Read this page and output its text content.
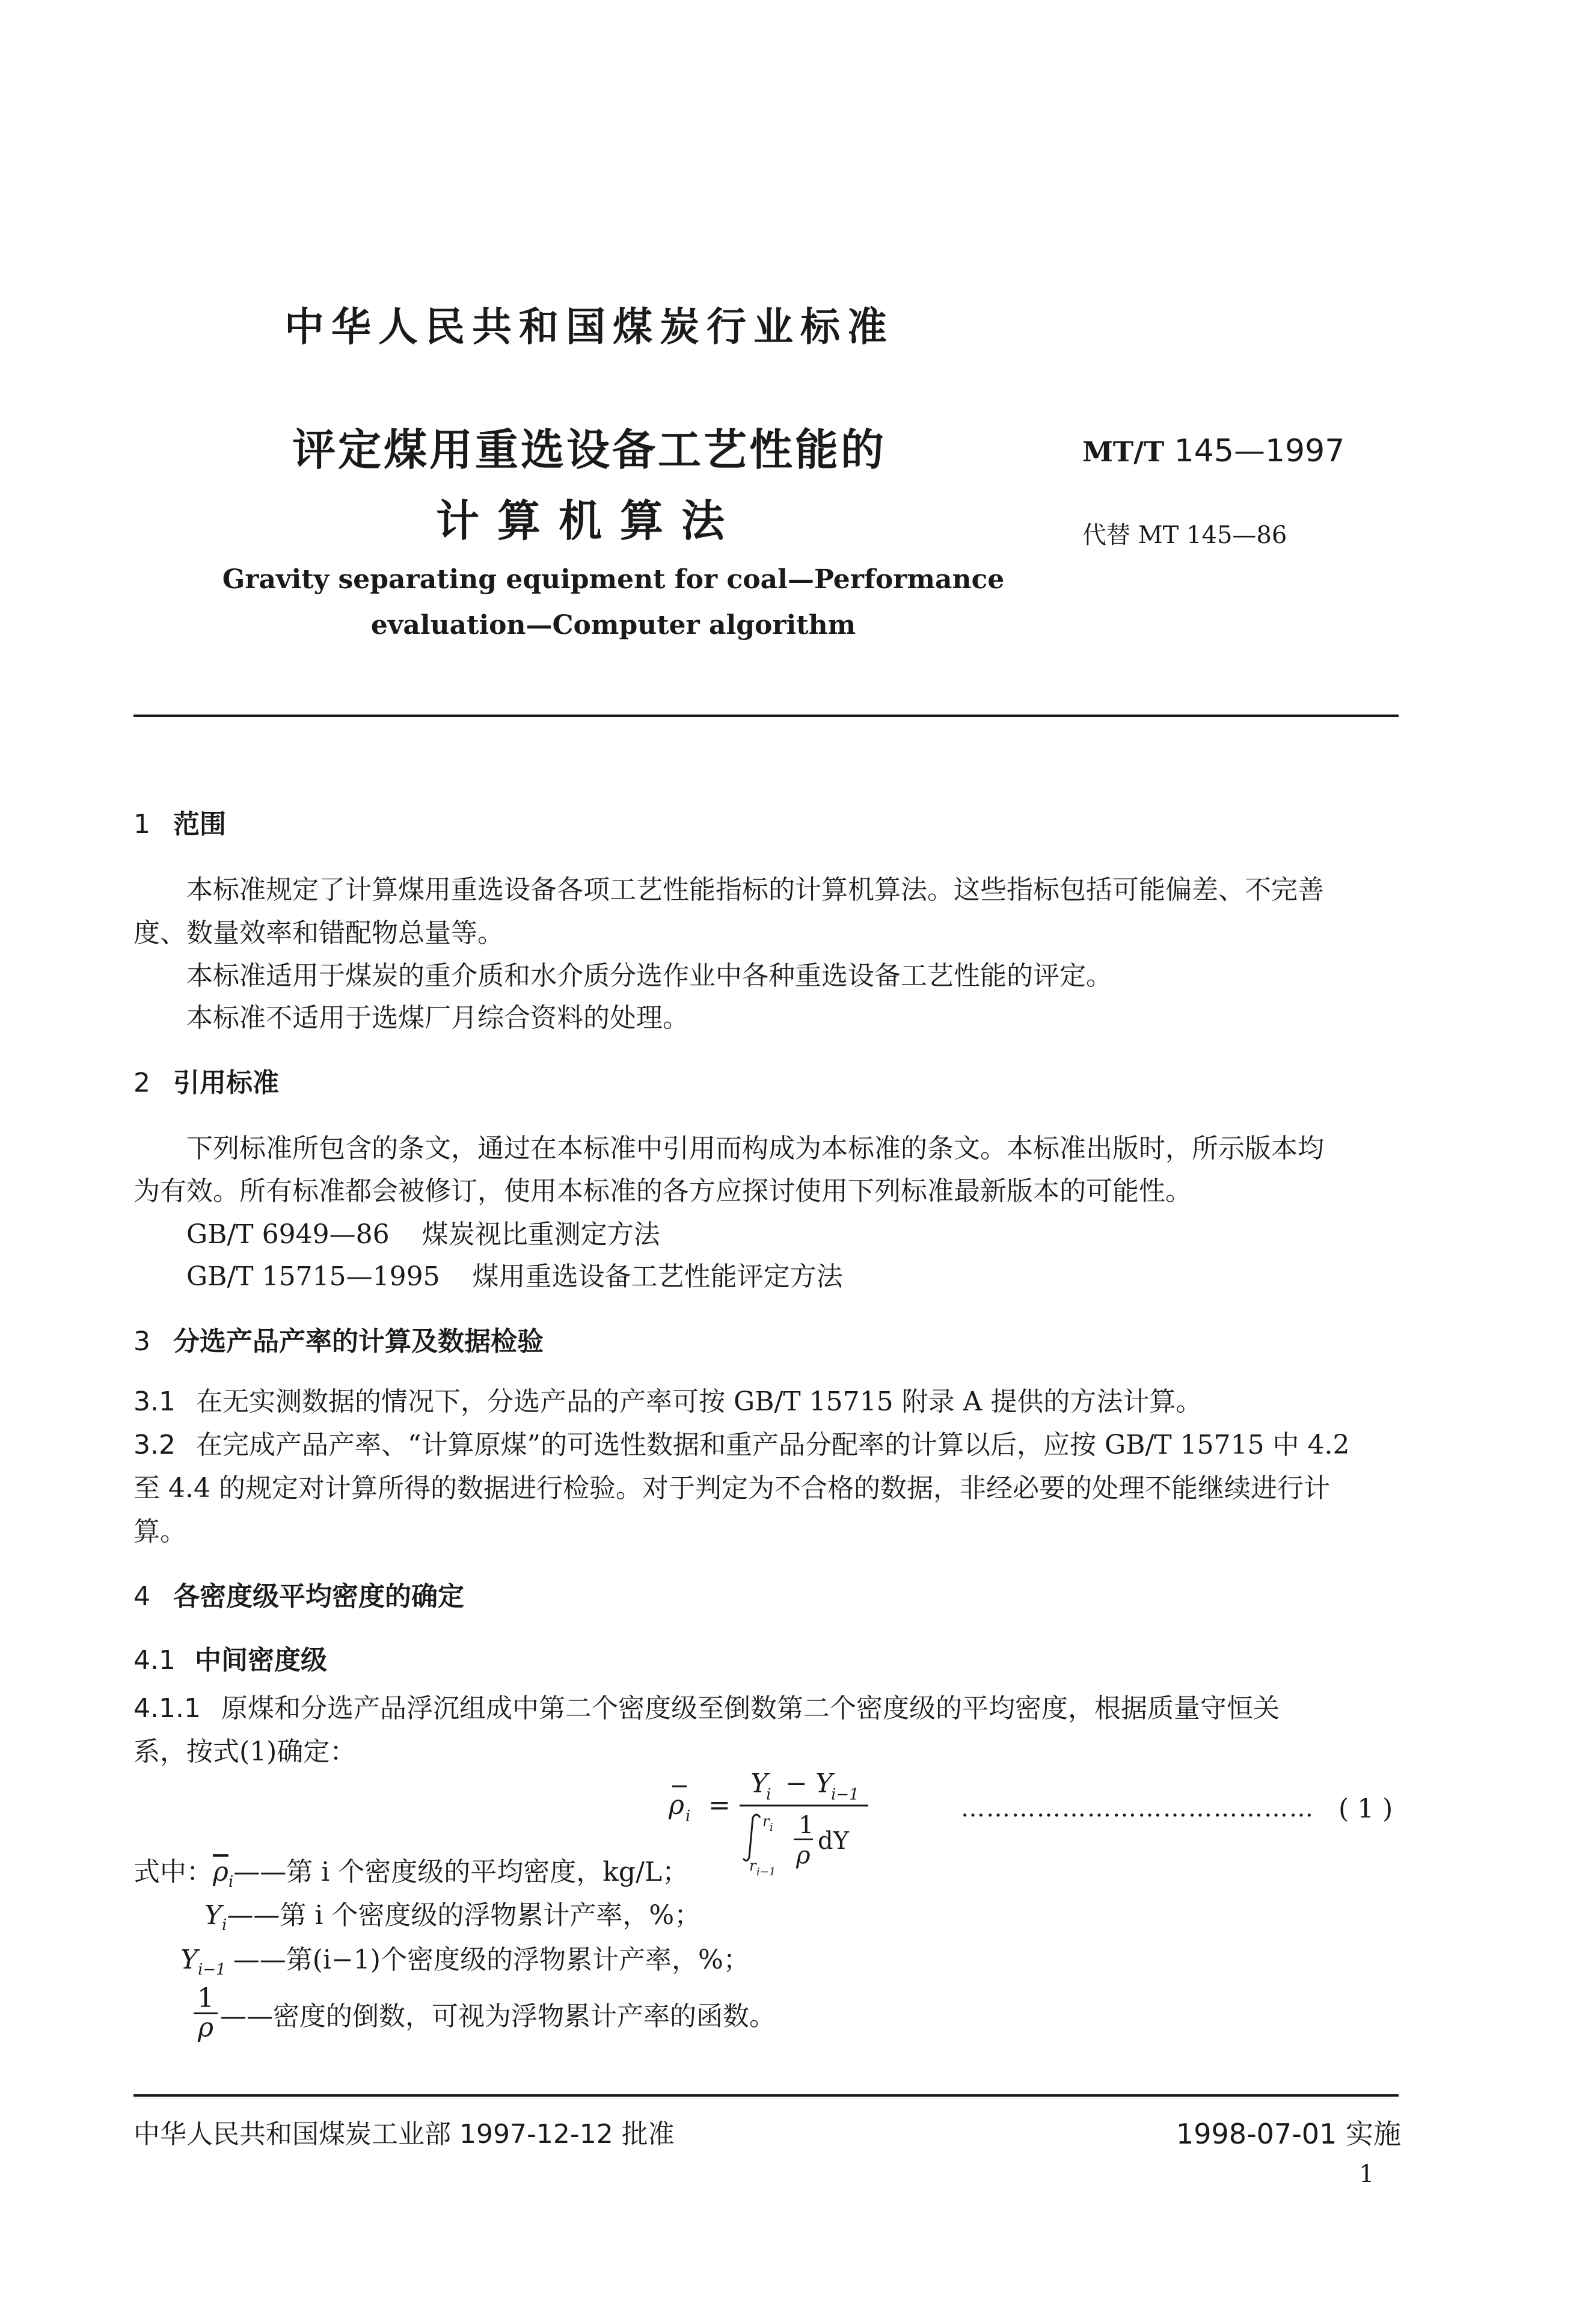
中华人民共和国煤炭行业标准
评定煤用重选设备工艺性能的
计算机算法
MT/T 145—1997
代替 MT 145—86
Gravity separating equipment for coal—Performance
evaluation—Computer algorithm
1 范围
本标准规定了计算煤用重选设备各项工艺性能指标的计算机算法。这些指标包括可能偏差、不完善
度、数量效率和错配物总量等。
本标准适用于煤炭的重介质和水介质分选作业中各种重选设备工艺性能的评定。
本标准不适用于选煤厂月综合资料的处理。
2 引用标准
下列标准所包含的条文，通过在本标准中引用而构成为本标准的条文。本标准出版时，所示版本均
为有效。所有标准都会被修订，使用本标准的各方应探讨使用下列标准最新版本的可能性。
GB/T 6949—86 煤炭视比重测定方法
GB/T 15715—1995 煤用重选设备工艺性能评定方法
3 分选产品产率的计算及数据检验
3.1 在无实测数据的情况下，分选产品的产率可按 GB/T 15715 附录 A 提供的方法计算。
3.2 在完成产品产率、“计算原煤”的可选性数据和重产品分配率的计算以后，应按 GB/T 15715 中 4.2
至 4.4 的规定对计算所得的数据进行检验。对于判定为不合格的数据，非经必要的处理不能继续进行计
算。
4 各密度级平均密度的确定
4.1 中间密度级
4.1.1 原煤和分选产品浮沉组成中第二个密度级至倒数第二个密度级的平均密度，根据质量守恒关
系，按式(1)确定：
ρ i =
Y
i − Y
i−1
r i
r i−1
1
ρ
dY
…………………………………… ( 1 )
式中：$\overline{\rho}_i——$第 i 个密度级的平均密度，kg/L；
$Y_i——$第 i 个密度级的浮物累计产率，%；
$Y_{i-1}$ ——第(i−1)个密度级的浮物累计产率，%；
1
ρ ——密度的倒数，可视为浮物累计产率的函数。
中华人民共和国煤炭工业部 1997-12-12 批准	1998-07-01 实施
1
